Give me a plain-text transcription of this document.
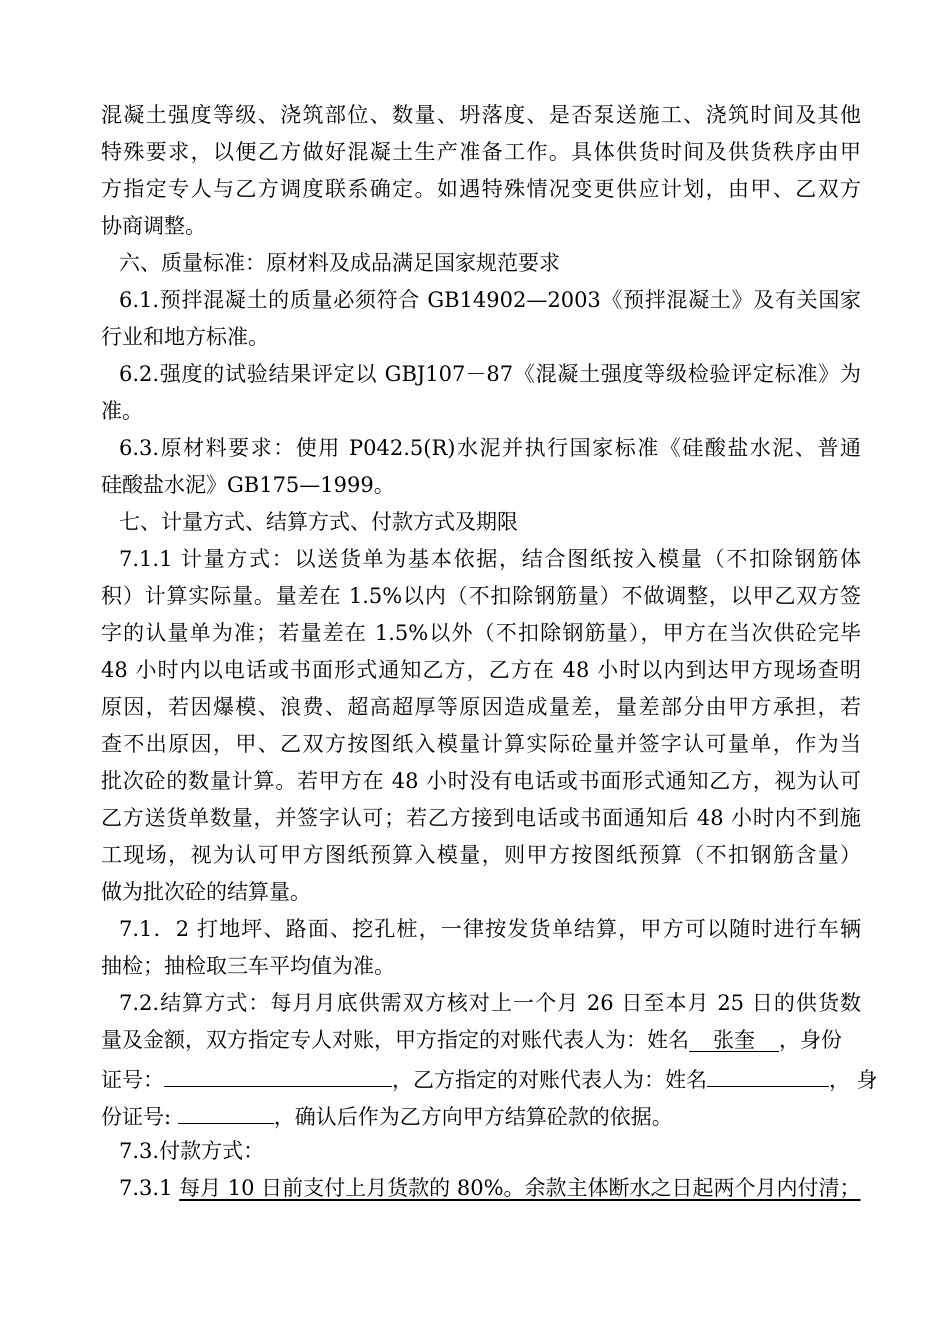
混凝土强度等级、浇筑部位、数量、坍落度、是否泵送施工、浇筑时间及其他
特殊要求，以便乙方做好混凝土生产准备工作。具体供货时间及供货秩序由甲
方指定专人与乙方调度联系确定。如遇特殊情况变更供应计划，由甲、乙双方
协商调整。
六、质量标准：原材料及成品满足国家规范要求
6.1.预拌混凝土的质量必须符合 GB14902—2003《预拌混凝土》及有关国家
行业和地方标准。
6.2.强度的试验结果评定以 GBJ107－87《混凝土强度等级检验评定标准》为
准。
6.3.原材料要求：使用 P042.5(R)水泥并执行国家标准《硅酸盐水泥、普通
硅酸盐水泥》GB175—1999。
七、计量方式、结算方式、付款方式及期限
7.1.1 计量方式：以送货单为基本依据，结合图纸按入模量（不扣除钢筋体
积）计算实际量。量差在 1.5%以内（不扣除钢筋量）不做调整，以甲乙双方签
字的认量单为准；若量差在 1.5%以外（不扣除钢筋量），甲方在当次供砼完毕
48 小时内以电话或书面形式通知乙方，乙方在 48 小时以内到达甲方现场查明
原因，若因爆模、浪费、超高超厚等原因造成量差，量差部分由甲方承担，若
查不出原因，甲、乙双方按图纸入模量计算实际砼量并签字认可量单，作为当
批次砼的数量计算。若甲方在 48 小时没有电话或书面形式通知乙方，视为认可
乙方送货单数量，并签字认可；若乙方接到电话或书面通知后 48 小时内不到施
工现场，视为认可甲方图纸预算入模量，则甲方按图纸预算（不扣钢筋含量）
做为批次砼的结算量。
7.1．2 打地坪、路面、挖孔桩，一律按发货单结算，甲方可以随时进行车辆
抽检；抽检取三车平均值为准。
7.2.结算方式：每月月底供需双方核对上一个月 26 日至本月 25 日的供货数
量及金额，双方指定专人对账，甲方指定的对账代表人为：姓名 张奎 ，身份
证号：	，乙方指定的对账代表人为：姓名	， 身
份证号:	，确认后作为乙方向甲方结算砼款的依据。
7.3.付款方式：
7.3.1 每月 10 日前支付上月货款的 80%。余款主体断水之日起两个月内付清；
